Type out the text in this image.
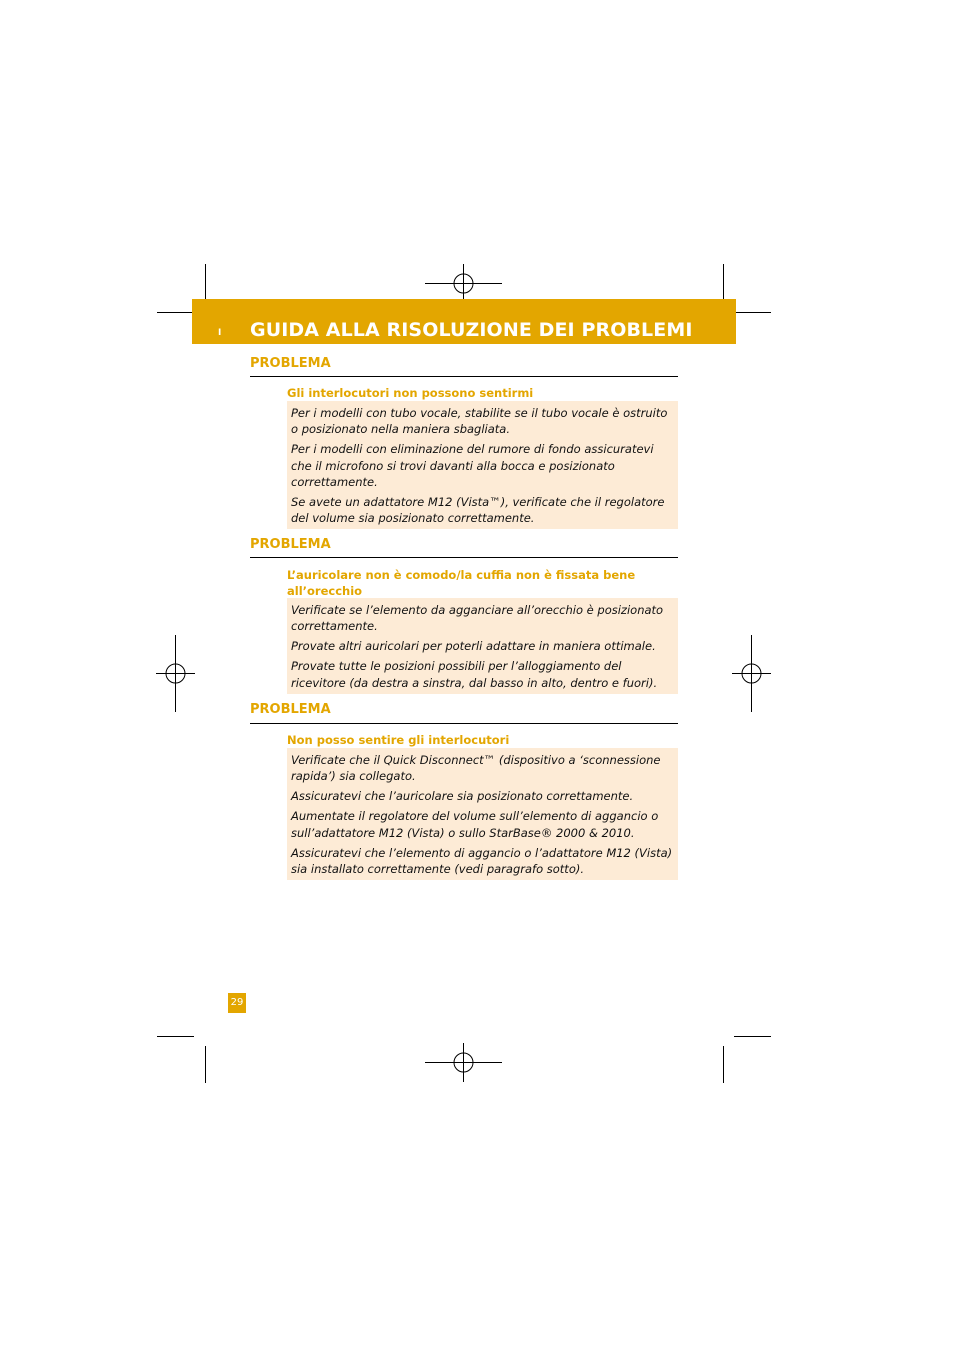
I GUIDA ALLA RISOLUZIONE DEI PROBLEMI
PROBLEMA
Gli interlocutori non possono sentirmi

Per i modelli con tubo vocale, stabilite se il tubo vocale è ostruito o posizionato nella maniera sbagliata.

Per i modelli con eliminazione del rumore di fondo assicuratevi che il microfono si trovi davanti alla bocca e posizionato correttamente.

Se avete un adattatore M12 (Vista™), verificate che il regolatore del volume sia posizionato correttamente.

PROBLEMA
L’auricolare non è comodo/la cuffia non è fissata bene all’orecchio

Verificate se l’elemento da agganciare all’orecchio è posizionato correttamente.

Provate altri auricolari per poterli adattare in maniera ottimale.

Provate tutte le posizioni possibili per l’alloggiamento del ricevitore (da destra a sinstra, dal basso in alto, dentro e fuori).

PROBLEMA
Non posso sentire gli interlocutori

Verificate che il Quick Disconnect™ (dispositivo a ‘sconnessione rapida’) sia collegato.

Assicuratevi che l’auricolare sia posizionato correttamente.

Aumentate il regolatore del volume sull’elemento di aggancio o sull’adattatore M12 (Vista) o sullo StarBase® 2000 & 2010.

Assicuratevi che l’elemento di aggancio o l’adattatore M12 (Vista) sia installato correttamente (vedi paragrafo sotto).

29
